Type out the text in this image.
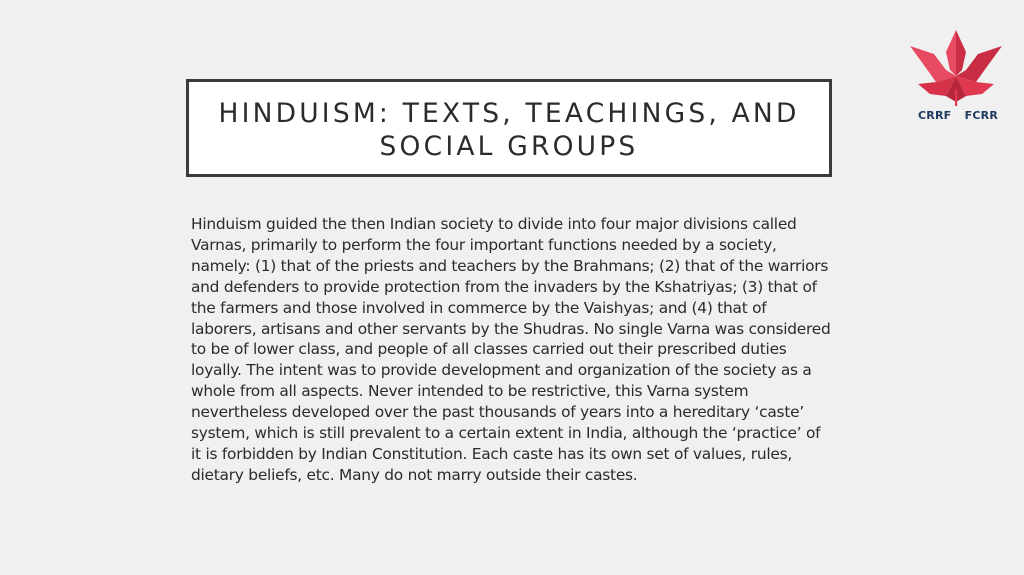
CRRF FCRR
HINDUISM: TEXTS, TEACHINGS, AND SOCIAL GROUPS

Hinduism guided the then Indian society to divide into four major divisions called Varnas, primarily to perform the four important functions needed by a society, namely: (1) that of the priests and teachers by the Brahmans; (2) that of the warriors and defenders to provide protection from the invaders by the Kshatriyas; (3) that of the farmers and those involved in commerce by the Vaishyas; and (4) that of laborers, artisans and other servants by the Shudras. No single Varna was considered to be of lower class, and people of all classes carried out their prescribed duties loyally. The intent was to provide development and organization of the society as a whole from all aspects. Never intended to be restrictive, this Varna system nevertheless developed over the past thousands of years into a hereditary ‘caste’ system, which is still prevalent to a certain extent in India, although the ‘practice’ of it is forbidden by Indian Constitution. Each caste has its own set of values, rules, dietary beliefs, etc. Many do not marry outside their castes.
